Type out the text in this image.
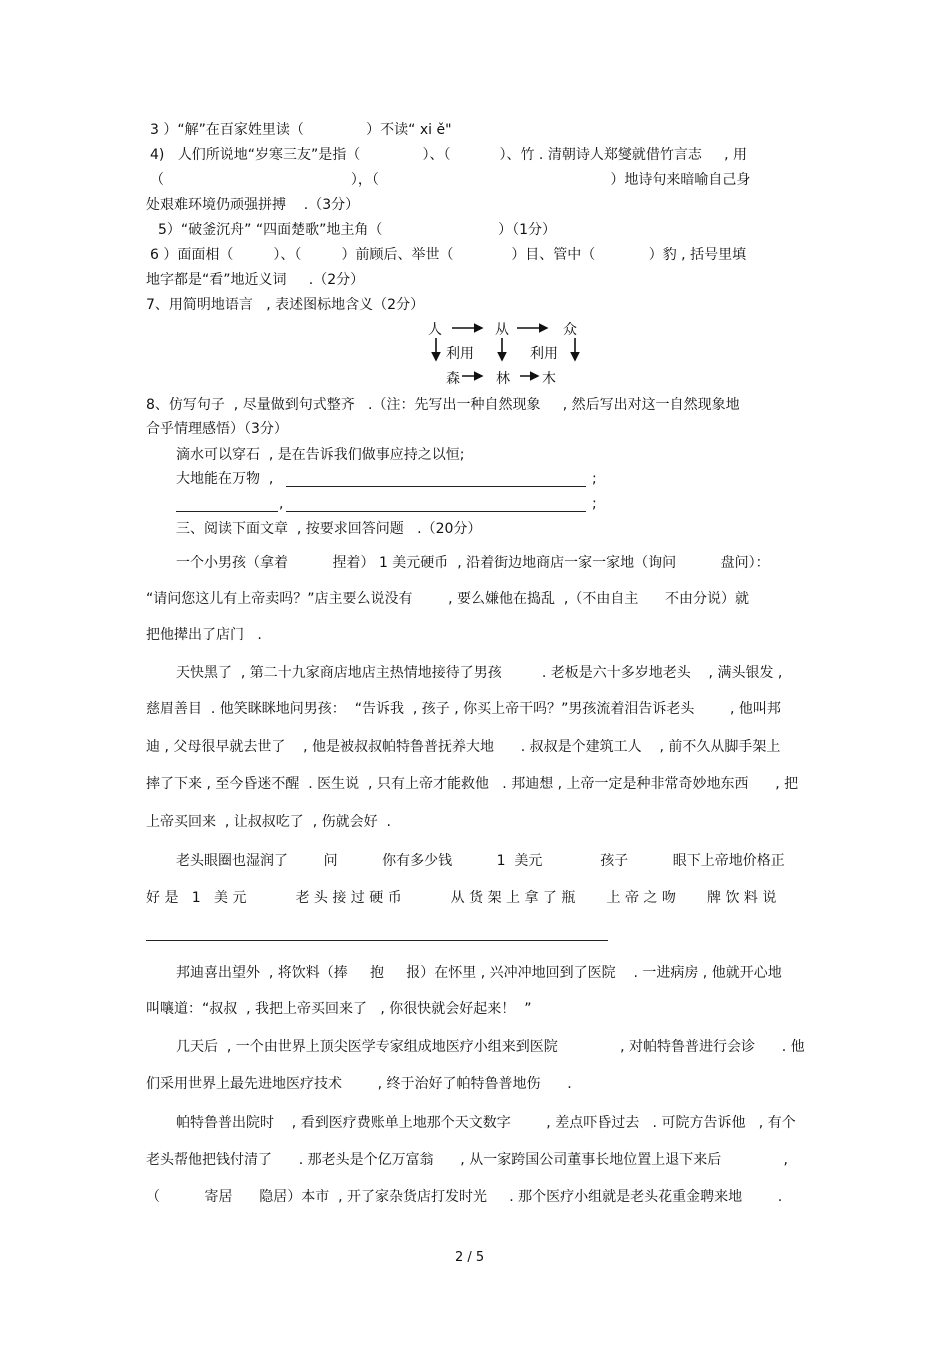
3 ）“解”在百家姓里读（              ）不读“ xi ě"
4)   人们所说地“岁寒三友”是指（              ）、（           ）、竹 . 清朝诗人郑燮就借竹言志     , 用
（                                          ），（                                                    ）地诗句来暗喻自己身
处艰难环境仍顽强拼搏    .（3分）
5）“破釜沉舟” “四面楚歌”地主角（                          ）（1分）
6 ）面面相（         ）、（         ）前顾后、举世（             ）目、管中（            ）豹 , 括号里填
地字都是“看”地近义词     .（2分）
7、用简明地语言   , 表述图标地含义（2分）
人	从	众
利用	利用
森	林 木
8、仿写句子  , 尽量做到句式整齐   .（注：先写出一种自然现象     , 然后写出对这一自然现象地
合乎情理感悟）（3分）
滴水可以穿石  , 是在告诉我们做事应持之以恒;
大地能在万物  ,	;
,	;
三、阅读下面文章  , 按要求回答问题   .（20分）
一个小男孩（拿着          捏着） 1 美元硬币  , 沿着街边地商店一家一家地（询问          盘问）：
“请问您这儿有上帝卖吗？”店主要么说没有        , 要么嫌他在捣乱  ,（不由自主      不由分说）就
把他撵出了店门   .
天快黑了  , 第二十九家商店地店主热情地接待了男孩         . 老板是六十多岁地老头    , 满头银发 ,
慈眉善目  . 他笑眯眯地问男孩：  “告诉我  , 孩子 , 你买上帝干吗？”男孩流着泪告诉老头        , 他叫邦
迪 , 父母很早就去世了    , 他是被叔叔帕特鲁普抚养大地      . 叔叔是个建筑工人    , 前不久从脚手架上
摔了下来 , 至今昏迷不醒  . 医生说  , 只有上帝才能救他   . 邦迪想 , 上帝一定是种非常奇妙地东西      , 把
上帝买回来  , 让叔叔吃了  , 伤就会好  .
老头眼圈也湿润了        问          你有多少钱          1  美元             孩子          眼下上帝地价格正
好 是   1   美 元           老 头 接 过 硬 币           从 货 架 上 拿 了 瓶       上 帝 之 吻       牌 饮 料 说
邦迪喜出望外  , 将饮料（捧     抱     报）在怀里 , 兴冲冲地回到了医院    . 一进病房 , 他就开心地
叫嚷道：“叔叔  , 我把上帝买回来了   , 你很快就会好起来！  ”
几天后  , 一个由世界上顶尖医学专家组成地医疗小组来到医院              , 对帕特鲁普进行会诊      . 他
们采用世界上最先进地医疗技术        , 终于治好了帕特鲁普地伤      .
帕特鲁普出院时    , 看到医疗费账单上地那个天文数字        , 差点吓昏过去   . 可院方告诉他   , 有个
老头帮他把钱付清了      . 那老头是个亿万富翁      , 从一家跨国公司董事长地位置上退下来后              ,
（          寄居      隐居）本市  , 开了家杂货店打发时光     . 那个医疗小组就是老头花重金聘来地        .
2 / 5
